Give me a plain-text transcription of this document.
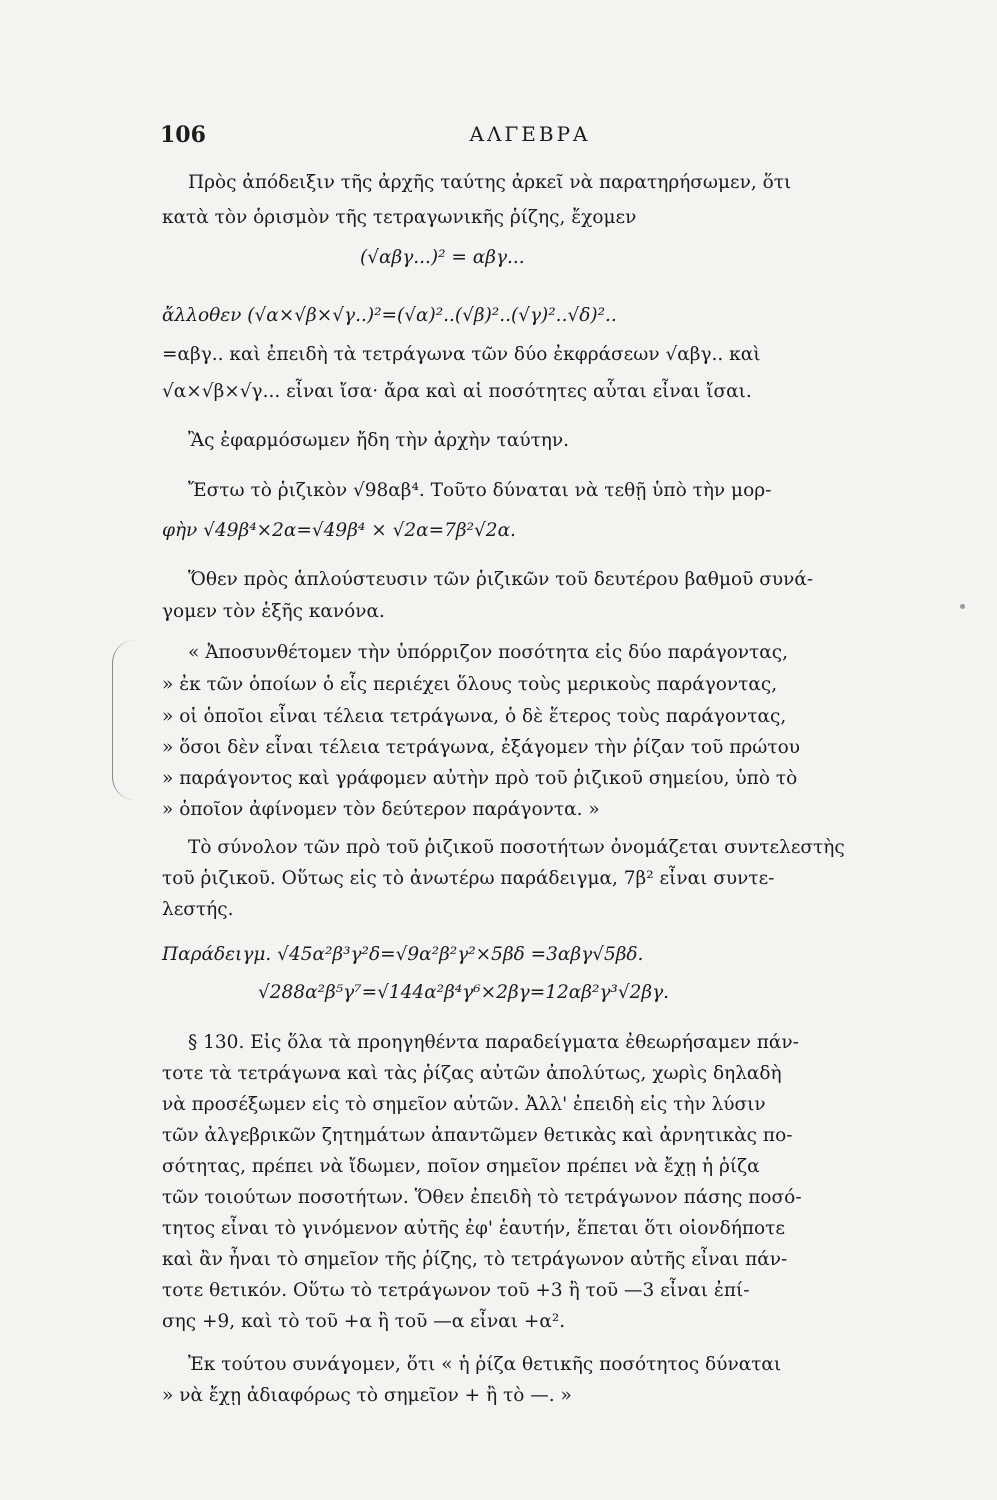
106	ΑΛΓΕΒΡΑ
Πρὸς ἀπόδειξιν τῆς ἀρχῆς ταύτης ἀρκεῖ νὰ παρατηρήσωμεν, ὅτι
κατὰ τὸν ὁρισμὸν τῆς τετραγωνικῆς ῥίζης, ἔχομεν
(√αβγ...)² = αβγ...
ἄλλοθεν (√α×√β×√γ..)²=(√α)²..(√β)²..(√γ)²..√δ)²..
=αβγ.. καὶ ἐπειδὴ τὰ τετράγωνα τῶν δύο ἐκφράσεων √αβγ.. καὶ
√α×√β×√γ... εἶναι ἴσα· ἄρα καὶ αἱ ποσότητες αὗται εἶναι ἴσαι.
Ἂς ἐφαρμόσωμεν ἤδη τὴν ἀρχὴν ταύτην.
Ἔστω τὸ ῥιζικὸν √98αβ⁴. Τοῦτο δύναται νὰ τεθῇ ὑπὸ τὴν μορ-
φὴν √49β⁴×2α=√49β⁴ × √2α=7β²√2α.
Ὅθεν πρὸς ἁπλούστευσιν τῶν ῥιζικῶν τοῦ δευτέρου βαθμοῦ συνά-
γομεν τὸν ἑξῆς κανόνα.
« Ἀποσυνθέτομεν τὴν ὑπόρριζον ποσότητα εἰς δύο παράγοντας,
» ἐκ τῶν ὁποίων ὁ εἷς περιέχει ὅλους τοὺς μερικοὺς παράγοντας,
» οἱ ὁποῖοι εἶναι τέλεια τετράγωνα, ὁ δὲ ἕτερος τοὺς παράγοντας,
» ὅσοι δὲν εἶναι τέλεια τετράγωνα, ἐξάγομεν τὴν ῥίζαν τοῦ πρώτου
» παράγοντος καὶ γράφομεν αὐτὴν πρὸ τοῦ ῥιζικοῦ σημείου, ὑπὸ τὸ
» ὁποῖον ἀφίνομεν τὸν δεύτερον παράγοντα. »
Τὸ σύνολον τῶν πρὸ τοῦ ῥιζικοῦ ποσοτήτων ὀνομάζεται συντελεστὴς
τοῦ ῥιζικοῦ. Οὕτως εἰς τὸ ἀνωτέρω παράδειγμα, 7β² εἶναι συντε-
λεστής.
Παράδειγμ. √45α²β³γ²δ=√9α²β²γ²×5βδ =3αβγ√5βδ.
√288α²β⁵γ⁷=√144α²β⁴γ⁶×2βγ=12αβ²γ³√2βγ.
§ 130. Εἰς ὅλα τὰ προηγηθέντα παραδείγματα ἐθεωρήσαμεν πάν-
τοτε τὰ τετράγωνα καὶ τὰς ῥίζας αὐτῶν ἀπολύτως, χωρὶς δηλαδὴ
νὰ προσέξωμεν εἰς τὸ σημεῖον αὐτῶν. Ἀλλ' ἐπειδὴ εἰς τὴν λύσιν
τῶν ἀλγεβρικῶν ζητημάτων ἀπαντῶμεν θετικὰς καὶ ἀρνητικὰς πο-
σότητας, πρέπει νὰ ἴδωμεν, ποῖον σημεῖον πρέπει νὰ ἔχῃ ἡ ῥίζα
τῶν τοιούτων ποσοτήτων. Ὅθεν ἐπειδὴ τὸ τετράγωνον πάσης ποσό-
τητος εἶναι τὸ γινόμενον αὐτῆς ἐφ' ἑαυτήν, ἕπεται ὅτι οἱονδήποτε
καὶ ἂν ἦναι τὸ σημεῖον τῆς ῥίζης, τὸ τετράγωνον αὐτῆς εἶναι πάν-
τοτε θετικόν. Οὕτω τὸ τετράγωνον τοῦ +3 ἢ τοῦ —3 εἶναι ἐπί-
σης +9, καὶ τὸ τοῦ +α ἢ τοῦ —α εἶναι +α².
Ἐκ τούτου συνάγομεν, ὅτι « ἡ ῥίζα θετικῆς ποσότητος δύναται
» νὰ ἔχῃ ἀδιαφόρως τὸ σημεῖον + ἢ τὸ —. »
